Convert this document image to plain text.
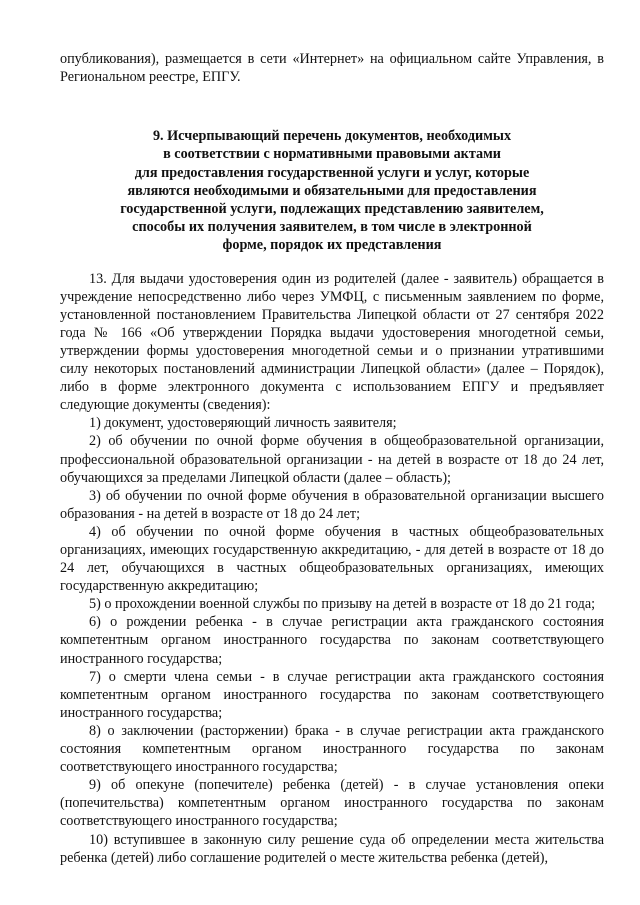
опубликования), размещается в сети «Интернет» на официальном сайте Управления, в Региональном реестре, ЕПГУ.

9. Исчерпывающий перечень документов, необходимых
в соответствии с нормативными правовыми актами
для предоставления государственной услуги и услуг, которые
являются необходимыми и обязательными для предоставления
государственной услуги, подлежащих представлению заявителем,
способы их получения заявителем, в том числе в электронной
форме, порядок их представления

13. Для выдачи удостоверения один из родителей (далее - заявитель) обращается в учреждение непосредственно либо через УМФЦ, с письменным заявлением по форме, установленной постановлением Правительства Липецкой области от 27 сентября 2022 года № 166 «Об утверждении Порядка выдачи удостоверения многодетной семьи, утверждении формы удостоверения многодетной семьи и о признании утратившими силу некоторых постановлений администрации Липецкой области» (далее – Порядок), либо в форме электронного документа с использованием ЕПГУ и предъявляет следующие документы (сведения):

1) документ, удостоверяющий личность заявителя;

2) об обучении по очной форме обучения в общеобразовательной организации, профессиональной образовательной организации - на детей в возрасте от 18 до 24 лет, обучающихся за пределами Липецкой области (далее – область);

3) об обучении по очной форме обучения в образовательной организации высшего образования - на детей в возрасте от 18 до 24 лет;

4) об обучении по очной форме обучения в частных общеобразовательных организациях, имеющих государственную аккредитацию, - для детей в возрасте от 18 до 24 лет, обучающихся в частных общеобразовательных организациях, имеющих государственную аккредитацию;

5) о прохождении военной службы по призыву на детей в возрасте от 18 до 21 года;

6) о рождении ребенка - в случае регистрации акта гражданского состояния компетентным органом иностранного государства по законам соответствующего иностранного государства;

7) о смерти члена семьи - в случае регистрации акта гражданского состояния компетентным органом иностранного государства по законам соответствующего иностранного государства;

8) о заключении (расторжении) брака - в случае регистрации акта гражданского состояния компетентным органом иностранного государства по законам соответствующего иностранного государства;

9) об опекуне (попечителе) ребенка (детей) - в случае установления опеки (попечительства) компетентным органом иностранного государства по законам соответствующего иностранного государства;

10) вступившее в законную силу решение суда об определении места жительства ребенка (детей) либо соглашение родителей о месте жительства ребенка (детей),
